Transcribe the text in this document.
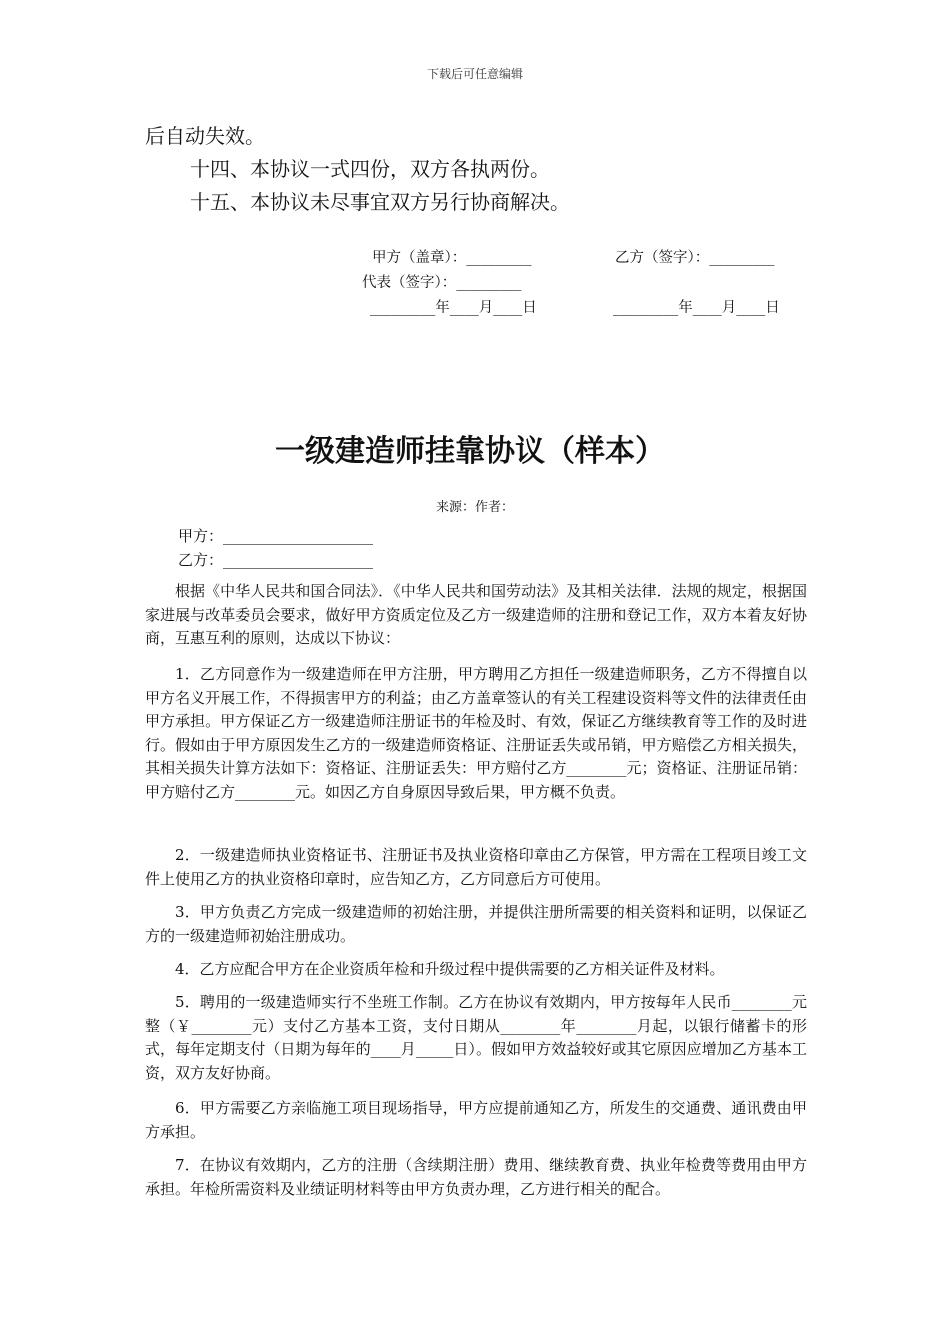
下载后可任意编辑
后自动失效。
十四、本协议一式四份，双方各执两份。
十五、本协议未尽事宜双方另行协商解决。
甲方（盖章）：_________	乙方（签字）：_________
代表（签字）：_________
_________年____月____日	_________年____月____日
一级建造师挂靠协议（样本）
来源：作者：
甲方：____________________
乙方：____________________

根据《中华人民共和国合同法》．《中华人民共和国劳动法》及其相关法律．法规的规定，根据国家进展与改革委员会要求，做好甲方资质定位及乙方一级建造师的注册和登记工作，双方本着友好协商，互惠互利的原则，达成以下协议：

1．乙方同意作为一级建造师在甲方注册，甲方聘用乙方担任一级建造师职务，乙方不得擅自以甲方名义开展工作，不得损害甲方的利益；由乙方盖章签认的有关工程建设资料等文件的法律责任由甲方承担。甲方保证乙方一级建造师注册证书的年检及时、有效，保证乙方继续教育等工作的及时进行。假如由于甲方原因发生乙方的一级建造师资格证、注册证丢失或吊销，甲方赔偿乙方相关损失，其相关损失计算方法如下：资格证、注册证丢失：甲方赔付乙方________元；资格证、注册证吊销：甲方赔付乙方________元。如因乙方自身原因导致后果，甲方概不负责。

2．一级建造师执业资格证书、注册证书及执业资格印章由乙方保管，甲方需在工程项目竣工文件上使用乙方的执业资格印章时，应告知乙方，乙方同意后方可使用。

3．甲方负责乙方完成一级建造师的初始注册，并提供注册所需要的相关资料和证明，以保证乙方的一级建造师初始注册成功。

4．乙方应配合甲方在企业资质年检和升级过程中提供需要的乙方相关证件及材料。

5．聘用的一级建造师实行不坐班工作制。乙方在协议有效期内，甲方按每年人民币________元整（￥________元）支付乙方基本工资，支付日期从________年________月起，以银行储蓄卡的形式，每年定期支付（日期为每年的____月_____日）。假如甲方效益较好或其它原因应增加乙方基本工资，双方友好协商。

6．甲方需要乙方亲临施工项目现场指导，甲方应提前通知乙方，所发生的交通费、通讯费由甲方承担。

7．在协议有效期内，乙方的注册（含续期注册）费用、继续教育费、执业年检费等费用由甲方承担。年检所需资料及业绩证明材料等由甲方负责办理，乙方进行相关的配合。
